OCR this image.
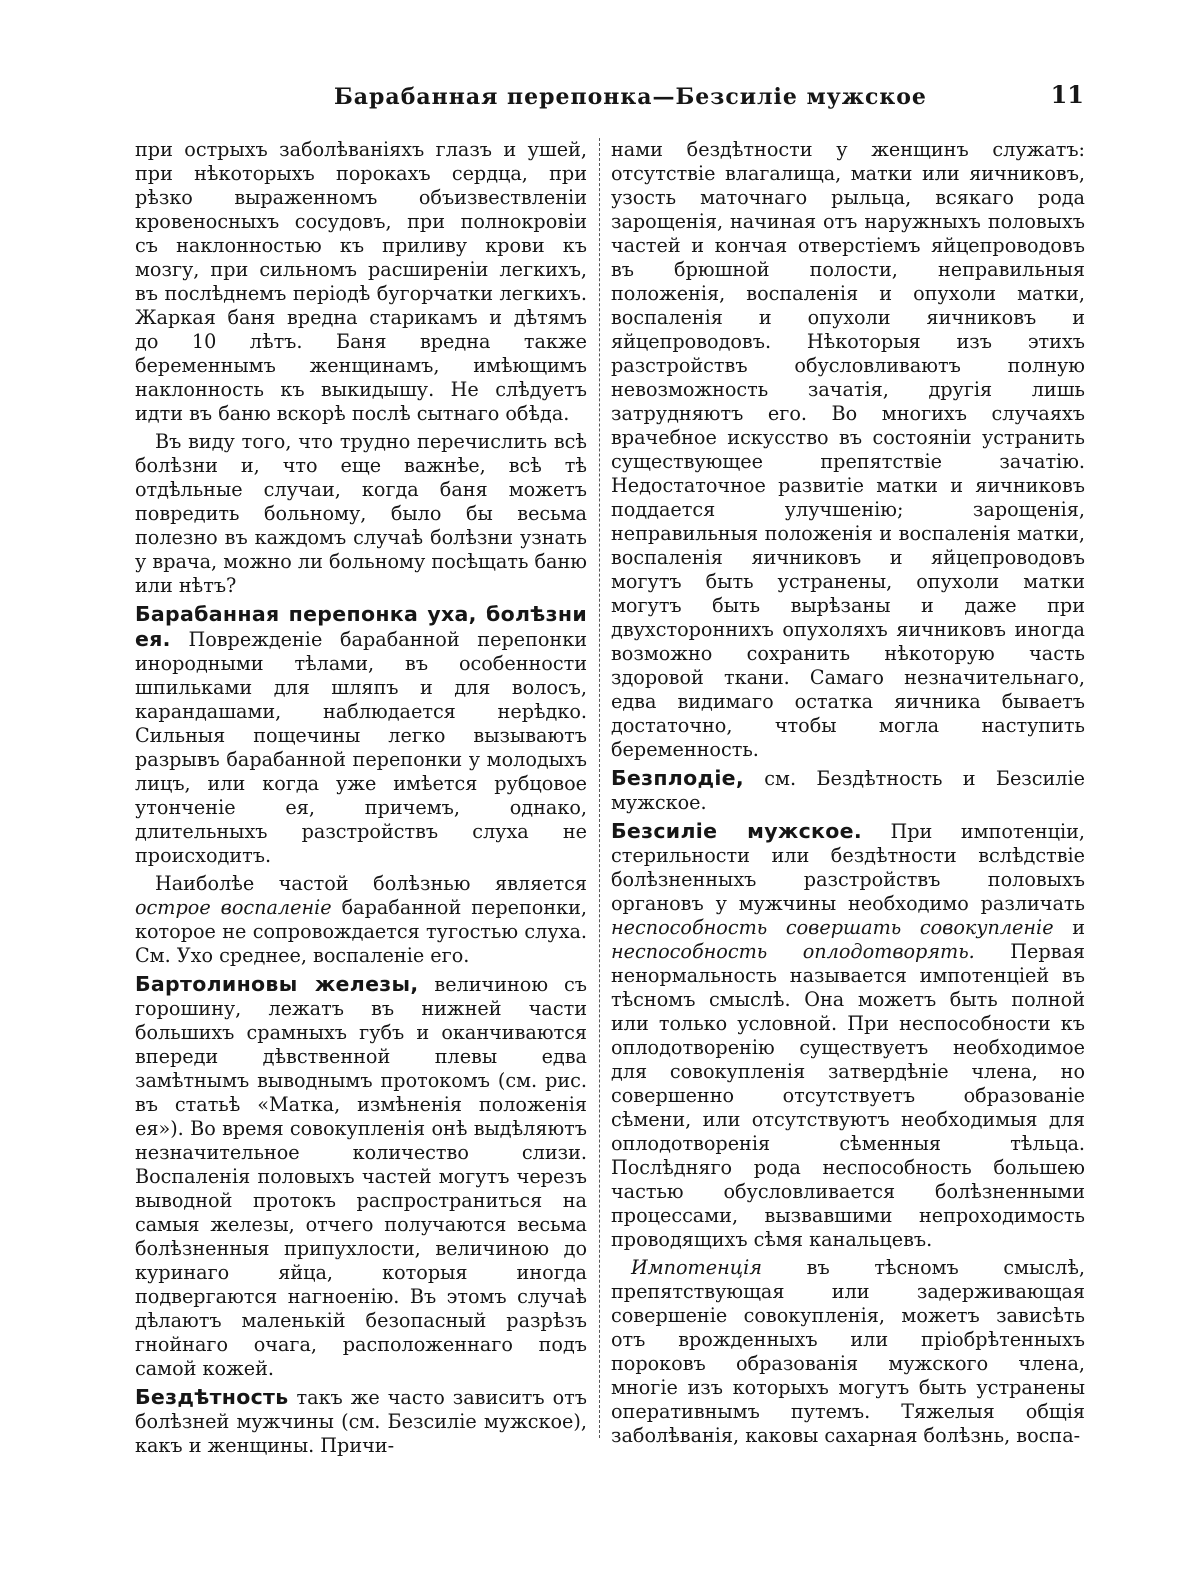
Барабанная перепонка—Безсиліе мужское	11

при острыхъ заболѣваніяхъ глазъ и ушей, при нѣкоторыхъ порокахъ сердца, при рѣзко выраженномъ объизвествленіи кровеносныхъ сосудовъ, при полнокровіи съ наклонностью къ приливу крови къ мозгу, при сильномъ расширеніи легкихъ, въ послѣднемъ періодѣ бугорчатки легкихъ. Жаркая баня вредна старикамъ и дѣтямъ до 10 лѣтъ. Баня вредна также беременнымъ женщинамъ, имѣющимъ наклонность къ выкидышу. Не слѣдуетъ идти въ баню вскорѣ послѣ сытнаго обѣда.

Въ виду того, что трудно перечислить всѣ болѣзни и, что еще важнѣе, всѣ тѣ отдѣльные случаи, когда баня можетъ повредить больному, было бы весьма полезно въ каждомъ случаѣ болѣзни узнать у врача, можно ли больному посѣщать баню или нѣтъ?

Барабанная перепонка уха, болѣзни ея. Поврежденіе барабанной перепонки инородными тѣлами, въ особенности шпильками для шляпъ и для волосъ, карандашами, наблюдается нерѣдко. Сильныя пощечины легко вызываютъ разрывъ барабанной перепонки у молодыхъ лицъ, или когда уже имѣется рубцовое утонченіе ея, причемъ, однако, длительныхъ разстройствъ слуха не происходитъ.

Наиболѣе частой болѣзнью является острое воспаленіе барабанной перепонки, которое не сопровождается тугостью слуха. См. Ухо среднее, воспаленіе его.

Бартолиновы железы, величиною съ горошину, лежатъ въ нижней части большихъ срамныхъ губъ и оканчиваются впереди дѣвственной плевы едва замѣтнымъ выводнымъ протокомъ (см. рис. въ статьѣ «Матка, измѣненія положенія ея»). Во время совокупленія онѣ выдѣляютъ незначительное количество слизи. Воспаленія половыхъ частей могутъ черезъ выводной протокъ распространиться на самыя железы, отчего получаются весьма болѣзненныя припухлости, величиною до куринаго яйца, которыя иногда подвергаются нагноенію. Въ этомъ случаѣ дѣлаютъ маленькій безопасный разрѣзъ гнойнаго очага, расположеннаго подъ самой кожей.

Бездѣтность такъ же часто зависитъ отъ болѣзней мужчины (см. Безсиліе мужское), какъ и женщины. Причи-

нами бездѣтности у женщинъ служатъ: отсутствіе влагалища, матки или яичниковъ, узость маточнаго рыльца, всякаго рода зарощенія, начиная отъ наружныхъ половыхъ частей и кончая отверстіемъ яйцепроводовъ въ брюшной полости, неправильныя положенія, воспаленія и опухоли матки, воспаленія и опухоли яичниковъ и яйцепроводовъ. Нѣкоторыя изъ этихъ разстройствъ обусловливаютъ полную невозможность зачатія, другія лишь затрудняютъ его. Во многихъ случаяхъ врачебное искусство въ состояніи устранить существующее препятствіе зачатію. Недостаточное развитіе матки и яичниковъ поддается улучшенію; зарощенія, неправильныя положенія и воспаленія матки, воспаленія яичниковъ и яйцепроводовъ могутъ быть устранены, опухоли матки могутъ быть вырѣзаны и даже при двухстороннихъ опухоляхъ яичниковъ иногда возможно сохранить нѣкоторую часть здоровой ткани. Самаго незначительнаго, едва видимаго остатка яичника бываетъ достаточно, чтобы могла наступить беременность.

Безплодіе, см. Бездѣтность и Безсиліе мужское.

Безсиліе мужское. При импотенціи, стерильности или бездѣтности вслѣдствіе болѣзненныхъ разстройствъ половыхъ органовъ у мужчины необходимо различать неспособность совершать совокупленіе и неспособность оплодотворять. Первая ненормальность называется импотенціей въ тѣсномъ смыслѣ. Она можетъ быть полной или только условной. При неспособности къ оплодотворенію существуетъ необходимое для совокупленія затвердѣніе члена, но совершенно отсутствуетъ образованіе сѣмени, или отсутствуютъ необходимыя для оплодотворенія сѣменныя тѣльца. Послѣдняго рода неспособность большею частью обусловливается болѣзненными процессами, вызвавшими непроходимость проводящихъ сѣмя канальцевъ.

Импотенція въ тѣсномъ смыслѣ, препятствующая или задерживающая совершеніе совокупленія, можетъ зависѣть отъ врожденныхъ или пріобрѣтенныхъ пороковъ образованія мужского члена, многіе изъ которыхъ могутъ быть устранены оперативнымъ путемъ. Тяжелыя общія заболѣванія, каковы сахарная болѣзнь, воспа-
